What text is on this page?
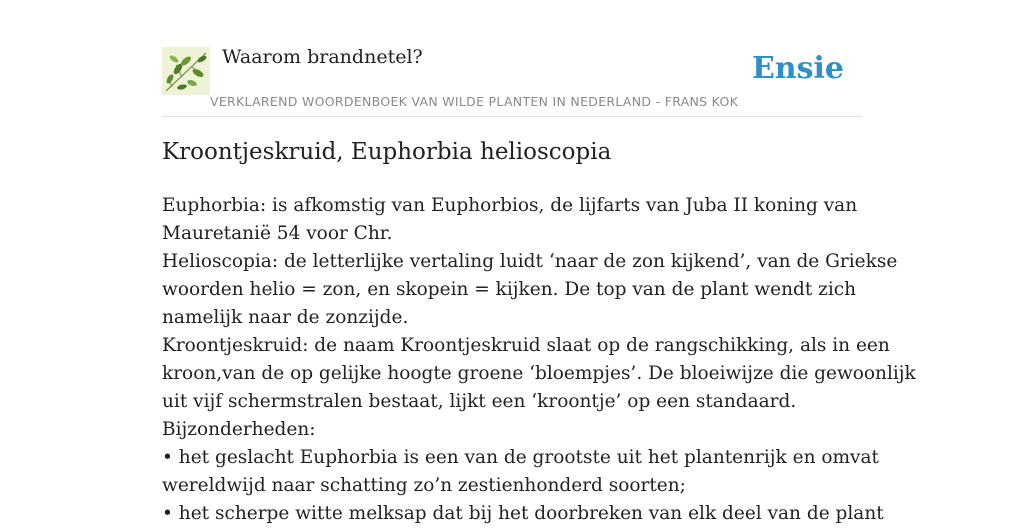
Waarom brandnetel?
VERKLAREND WOORDENBOEK VAN WILDE PLANTEN IN NEDERLAND - FRANS KOK
Ensie
Kroontjeskruid, Euphorbia helioscopia
Euphorbia: is afkomstig van Euphorbios, de lijfarts van Juba II koning van
Mauretanië 54 voor Chr.
Helioscopia: de letterlijke vertaling luidt ‘naar de zon kijkend’, van de Griekse
woorden helio = zon, en skopein = kijken. De top van de plant wendt zich
namelijk naar de zonzijde.
Kroontjeskruid: de naam Kroontjeskruid slaat op de rangschikking, als in een
kroon,van de op gelijke hoogte groene ‘bloempjes’. De bloeiwijze die gewoonlijk
uit vijf schermstralen bestaat, lijkt een ‘kroontje’ op een standaard.
Bijzonderheden:
• het geslacht Euphorbia is een van de grootste uit het plantenrijk en omvat
wereldwijd naar schatting zo’n zestienhonderd soorten;
• het scherpe witte melksap dat bij het doorbreken van elk deel van de plant
